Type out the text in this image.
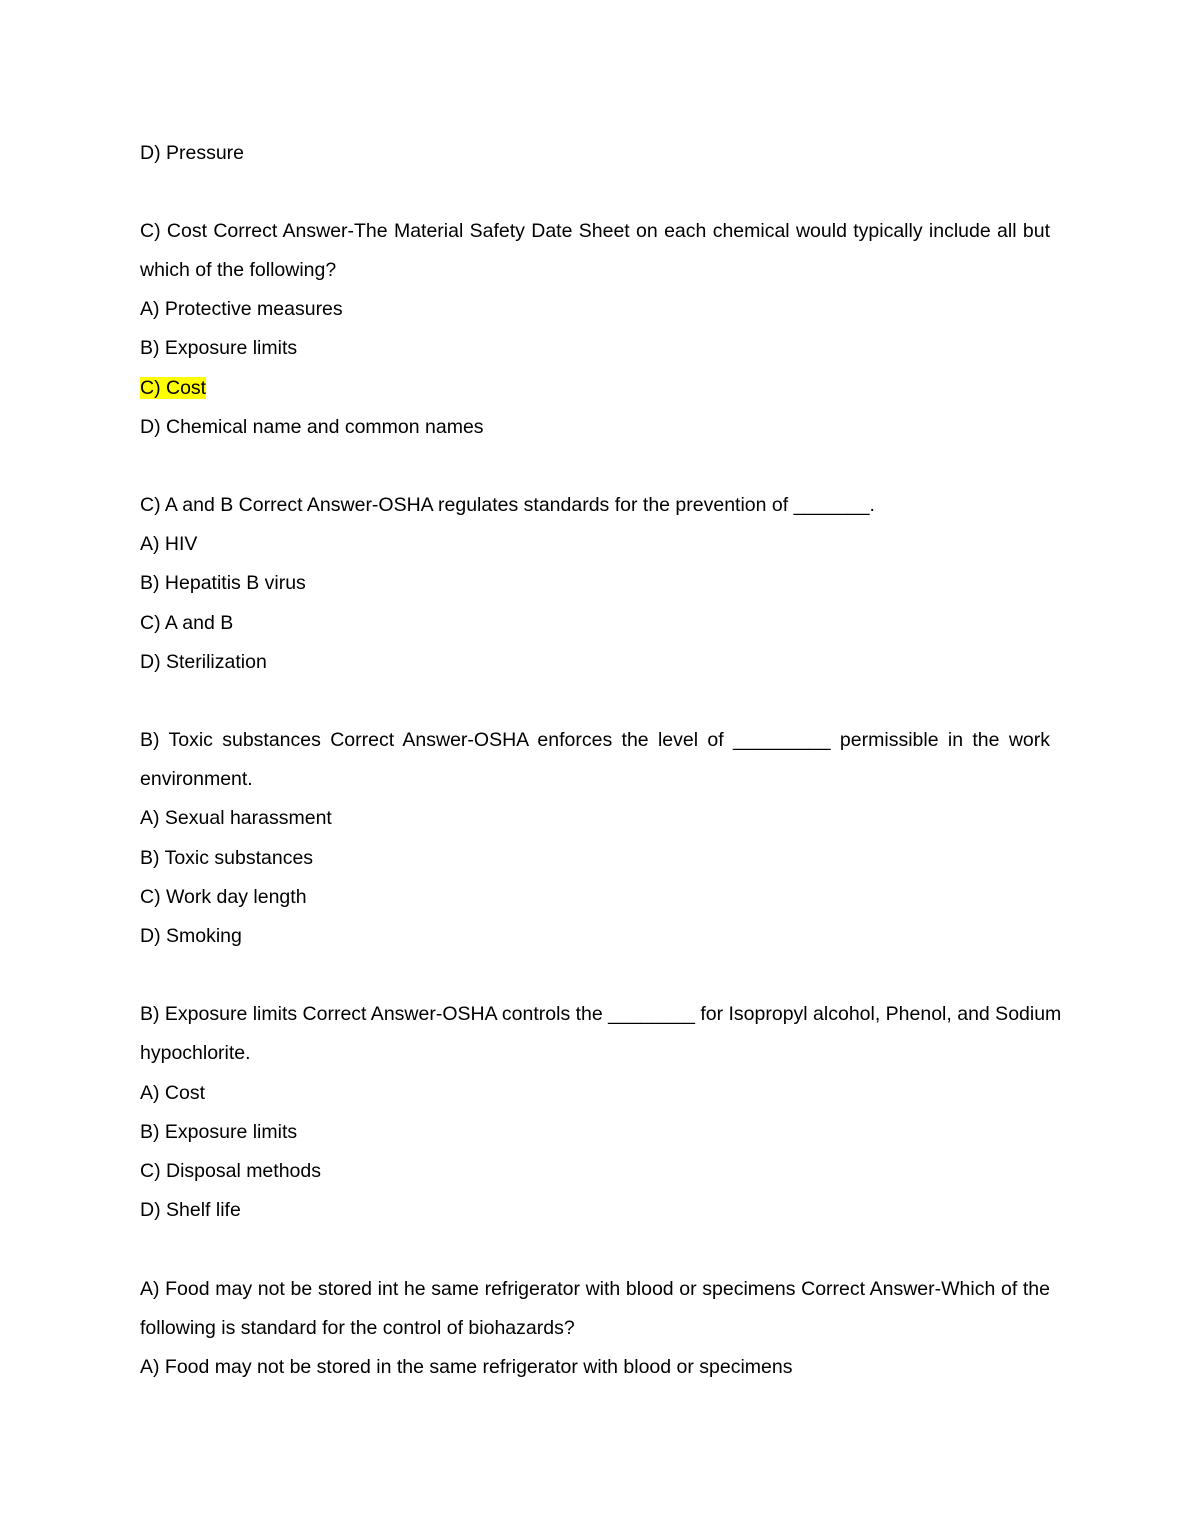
D) Pressure
C) Cost Correct Answer-The Material Safety Date Sheet on each chemical would typically include all but
which of the following?
A) Protective measures
B) Exposure limits
C) Cost
D) Chemical name and common names
C) A and B Correct Answer-OSHA regulates standards for the prevention of _______.
A) HIV
B) Hepatitis B virus
C) A and B
D) Sterilization
B) Toxic substances Correct Answer-OSHA enforces the level of _________ permissible in the work
environment.
A) Sexual harassment
B) Toxic substances
C) Work day length
D) Smoking
B) Exposure limits Correct Answer-OSHA controls the ________ for Isopropyl alcohol, Phenol, and Sodium
hypochlorite.
A) Cost
B) Exposure limits
C) Disposal methods
D) Shelf life
A) Food may not be stored int he same refrigerator with blood or specimens Correct Answer-Which of the
following is standard for the control of biohazards?
A) Food may not be stored in the same refrigerator with blood or specimens
